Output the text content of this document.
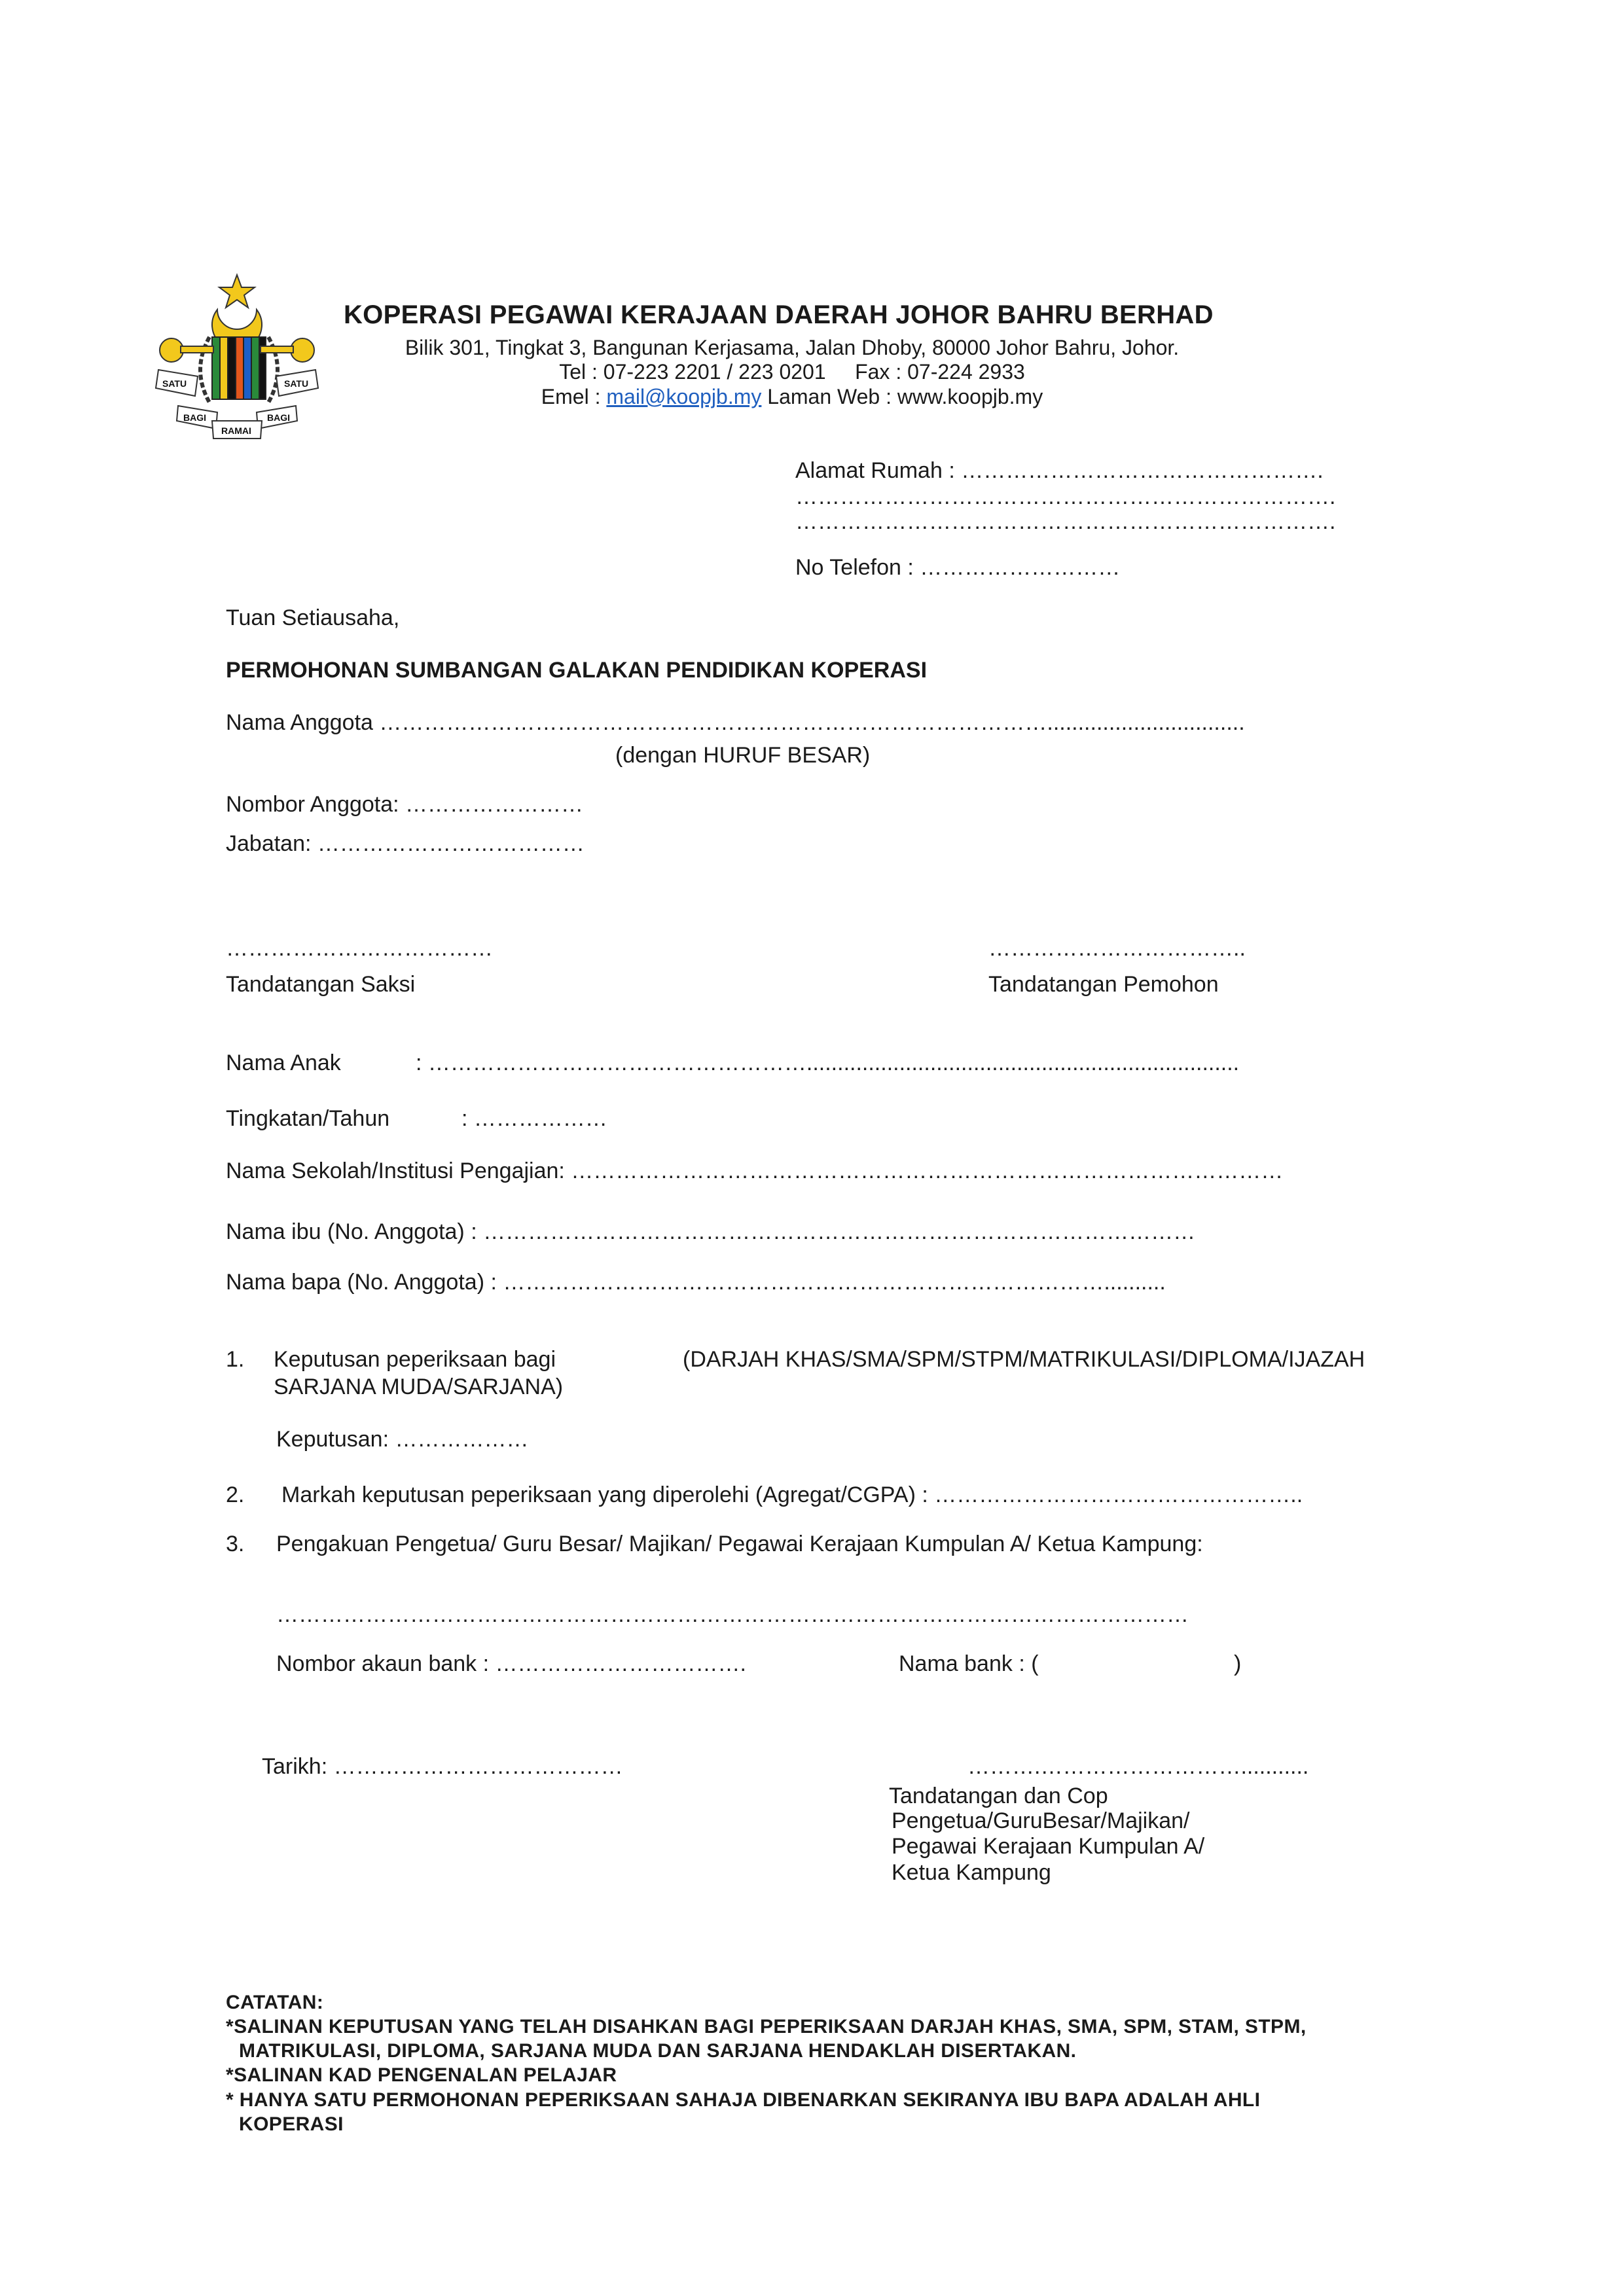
SATU	SATU
BAGI	BAGI
RAMAI
KOPERASI PEGAWAI KERAJAAN DAERAH JOHOR BAHRU BERHAD
Bilik 301, Tingkat 3, Bangunan Kerjasama, Jalan Dhoby, 80000 Johor Bahru, Johor.
Tel : 07-223 2201 / 223 0201     Fax : 07-224 2933
Emel : mail@koopjb.my Laman Web : www.koopjb.my
Alamat Rumah : ………………………………………….
……………………………………………………………….
……………………………………………………………….
No Telefon : ………………………
Tuan Setiausaha,
PERMOHONAN SUMBANGAN GALAKAN PENDIDIKAN KOPERASI
Nama Anggota ………………………………………………………………………………................................
(dengan HURUF BESAR)
Nombor Anggota: ……………………
Jabatan: ………………………………
………………………………
Tandatangan Saksi
……………………………..
Tandatangan Pemohon
Nama Anak	: ……………………………………………......................................................................
Tingkatan/Tahun	: ………………
Nama Sekolah/Institusi Pengajian: ……………………………………………………………………………………
Nama ibu (No. Anggota) : ……………………………………………………………………………………
Nama bapa (No. Anggota) : ………………………………………………………………………..........
1. Keputusan peperiksaan bagi	(DARJAH KHAS/SMA/SPM/STPM/MATRIKULASI/DIPLOMA/IJAZAH
SARJANA MUDA/SARJANA)
Keputusan: ………………
2. Markah keputusan peperiksaan yang diperolehi (Agregat/CGPA) : …………………………………………..
3. Pengakuan Pengetua/ Guru Besar/ Majikan/ Pegawai Kerajaan Kumpulan A/ Ketua Kampung:
……………………………………………………………………………………………………………
Nombor akaun bank : …………………………….	Nama bank : (	)
Tarikh: …………………………………	……….………………………...........
Tandatangan dan Cop
Pengetua/GuruBesar/Majikan/
Pegawai Kerajaan Kumpulan A/
Ketua Kampung
CATATAN:
*SALINAN KEPUTUSAN YANG TELAH DISAHKAN BAGI PEPERIKSAAN DARJAH KHAS, SMA, SPM, STAM, STPM,
MATRIKULASI, DIPLOMA, SARJANA MUDA DAN SARJANA HENDAKLAH DISERTAKAN.
*SALINAN KAD PENGENALAN PELAJAR
* HANYA SATU PERMOHONAN PEPERIKSAAN SAHAJA DIBENARKAN SEKIRANYA IBU BAPA ADALAH AHLI
KOPERASI
